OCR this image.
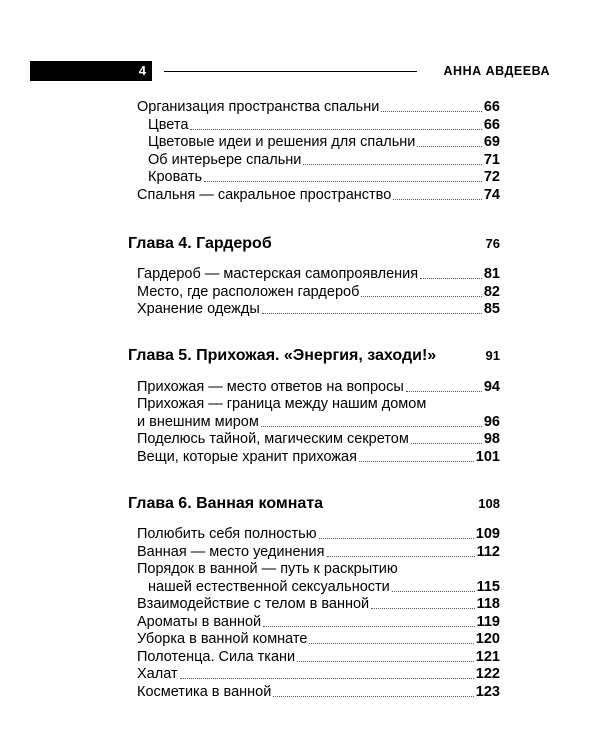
4	АННА АВДЕЕВА
Организация пространства спальни	66
Цвета	66
Цветовые идеи и решения для спальни	69
Об интерьере спальни	71
Кровать	72
Спальня — сакральное пространство	74
Глава 4. Гардероб	76
Гардероб — мастерская самопроявления	81
Место, где расположен гардероб	82
Хранение одежды	85
Глава 5. Прихожая. «Энергия, заходи!»	91
Прихожая — место ответов на вопросы	94
Прихожая — граница между нашим домом
и внешним миром	96
Поделюсь тайной, магическим секретом	98
Вещи, которые хранит прихожая	101
Глава 6. Ванная комната	108
Полюбить себя полностью	109
Ванная — место уединения	112
Порядок в ванной — путь к раскрытию
нашей естественной сексуальности	115
Взаимодействие с телом в ванной	118
Ароматы в ванной	119
Уборка в ванной комнате	120
Полотенца. Сила ткани	121
Халат	122
Косметика в ванной	123
